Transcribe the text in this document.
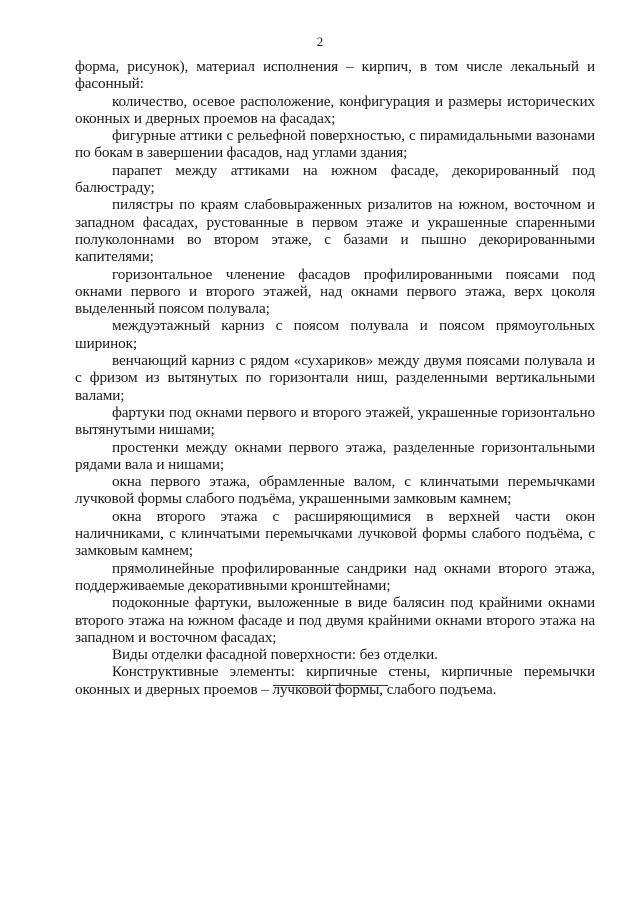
2

форма, рисунок), материал исполнения – кирпич, в том числе лекальный и фасонный:

количество, осевое расположение, конфигурация и размеры исторических оконных и дверных проемов на фасадах;

фигурные аттики с рельефной поверхностью, с пирамидальными вазонами по бокам в завершении фасадов, над углами здания;

парапет между аттиками на южном фасаде, декорированный под балюстраду;

пилястры по краям слабовыраженных ризалитов на южном, восточном и западном фасадах, рустованные в первом этаже и украшенные спаренными полуколоннами во втором этаже, с базами и пышно декорированными капителями;

горизонтальное членение фасадов профилированными поясами под окнами первого и второго этажей, над окнами первого этажа, верх цоколя выделенный поясом полувала;

междуэтажный карниз с поясом полувала и поясом прямоугольных ширинок;

венчающий карниз с рядом «сухариков» между двумя поясами полувала и с фризом из вытянутых по горизонтали ниш, разделенными вертикальными валами;

фартуки под окнами первого и второго этажей, украшенные горизонтально вытянутыми нишами;

простенки между окнами первого этажа, разделенные горизонтальными рядами вала и нишами;

окна первого этажа, обрамленные валом, с клинчатыми перемычками лучковой формы слабого подъёма, украшенными замковым камнем;

окна второго этажа с расширяющимися в верхней части окон наличниками, с клинчатыми перемычками лучковой формы слабого подъёма, с замковым камнем;

прямолинейные профилированные сандрики над окнами второго этажа, поддерживаемые декоративными кронштейнами;

подоконные фартуки, выложенные в виде балясин под крайними окнами второго этажа на южном фасаде и под двумя крайними окнами второго этажа на западном и восточном фасадах;

Виды отделки фасадной поверхности: без отделки.

Конструктивные элементы: кирпичные стены, кирпичные перемычки оконных и дверных проемов – лучковой формы, слабого подъема.
